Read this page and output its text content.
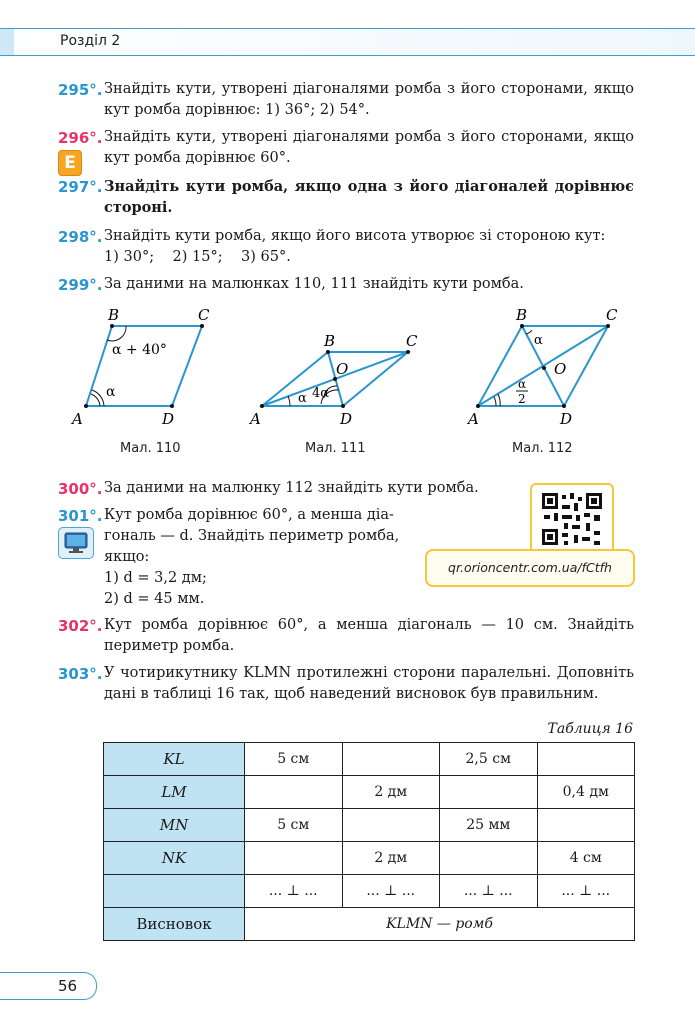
Розділ 2
295°. Знайдіть кути, утворені діагоналями ромба з його сторонами, якщо кут ромба дорівнює: 1) 36°; 2) 54°.
296°.
E
Знайдіть кути, утворені діагоналями ромба з його сторонами, якщо кут ромба дорівнює 60°.
297°. Знайдіть кути ромба, якщо одна з його діагоналей дорівнює стороні.
298°. Знайдіть кути ромба, якщо його висота утворює зі стороною кут:
1) 30°;    2) 15°;    3) 65°.
299°. За даними на малюнках 110, 111 знайдіть кути ромба.
B	C
A	D
α + 40°
α
B	C
A	D
O
α 4α
B	C
A	D
O
α
α
2
Мал. 110	Мал. 111	Мал. 112
300°. За даними на малюнку 112 знайдіть кути ромба.
qr.orioncentr.com.ua/fCtfh
301°. Кут ромба дорівнює 60°, а менша діа-
гональ — d. Знайдіть периметр ромба,
якщо:
1) d = 3,2 дм;
2) d = 45 мм.
302°. Кут ромба дорівнює 60°, а менша діагональ — 10 см. Знайдіть периметр ромба.
303°. У чотирикутнику KLMN протилежні сторони паралельні. Доповніть дані в таблиці 16 так, щоб наведений висновок був правильним.
Таблиця 16
KL	5 см		2,5 см	
LM		2 дм		0,4 дм
MN	5 см		25 мм	
NK		2 дм		4 см
	... ⊥ ...	... ⊥ ...	... ⊥ ...	... ⊥ ...
Висновок	KLMN — ромб			
56
